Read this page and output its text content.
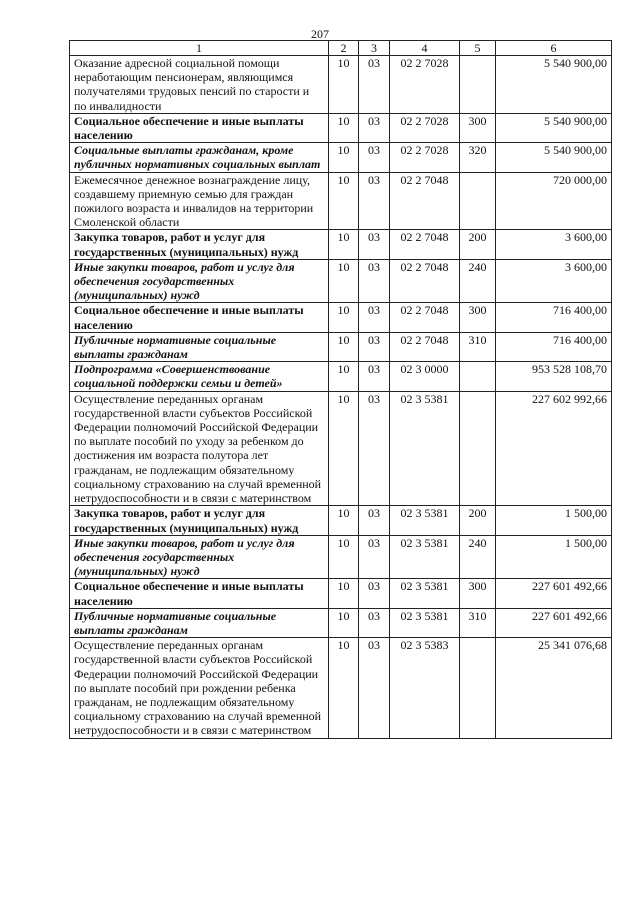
207
1	2	3	4	5	6
Оказание адресной социальной помощи неработающим пенсионерам, являющимся получателями трудовых пенсий по старости и по инвалидности	10	03	02 2 7028		5 540 900,00
Социальное обеспечение и иные выплаты населению	10	03	02 2 7028	300	5 540 900,00
Социальные выплаты гражданам, кроме публичных нормативных социальных выплат	10	03	02 2 7028	320	5 540 900,00
Ежемесячное денежное вознаграждение лицу, создавшему приемную семью для граждан пожилого возраста и инвалидов на территории Смоленской области	10	03	02 2 7048		720 000,00
Закупка товаров, работ и услуг для государственных (муниципальных) нужд	10	03	02 2 7048	200	3 600,00
Иные закупки товаров, работ и услуг для обеспечения государственных (муниципальных) нужд	10	03	02 2 7048	240	3 600,00
Социальное обеспечение и иные выплаты населению	10	03	02 2 7048	300	716 400,00
Публичные нормативные социальные выплаты гражданам	10	03	02 2 7048	310	716 400,00
Подпрограмма «Совершенствование социальной поддержки семьи и детей»	10	03	02 3 0000		953 528 108,70
Осуществление переданных органам государственной власти субъектов Российской Федерации полномочий Российской Федерации по выплате пособий по уходу за ребенком до достижения им возраста полутора лет гражданам, не подлежащим обязательному социальному страхованию на случай временной нетрудоспособности и в связи с материнством	10	03	02 3 5381		227 602 992,66
Закупка товаров, работ и услуг для государственных (муниципальных) нужд	10	03	02 3 5381	200	1 500,00
Иные закупки товаров, работ и услуг для обеспечения государственных (муниципальных) нужд	10	03	02 3 5381	240	1 500,00
Социальное обеспечение и иные выплаты населению	10	03	02 3 5381	300	227 601 492,66
Публичные нормативные социальные выплаты гражданам	10	03	02 3 5381	310	227 601 492,66
Осуществление переданных органам государственной власти субъектов Российской Федерации полномочий Российской Федерации по выплате пособий при рождении ребенка гражданам, не подлежащим обязательному социальному страхованию на случай временной нетрудоспособности и в связи с материнством	10	03	02 3 5383		25 341 076,68
